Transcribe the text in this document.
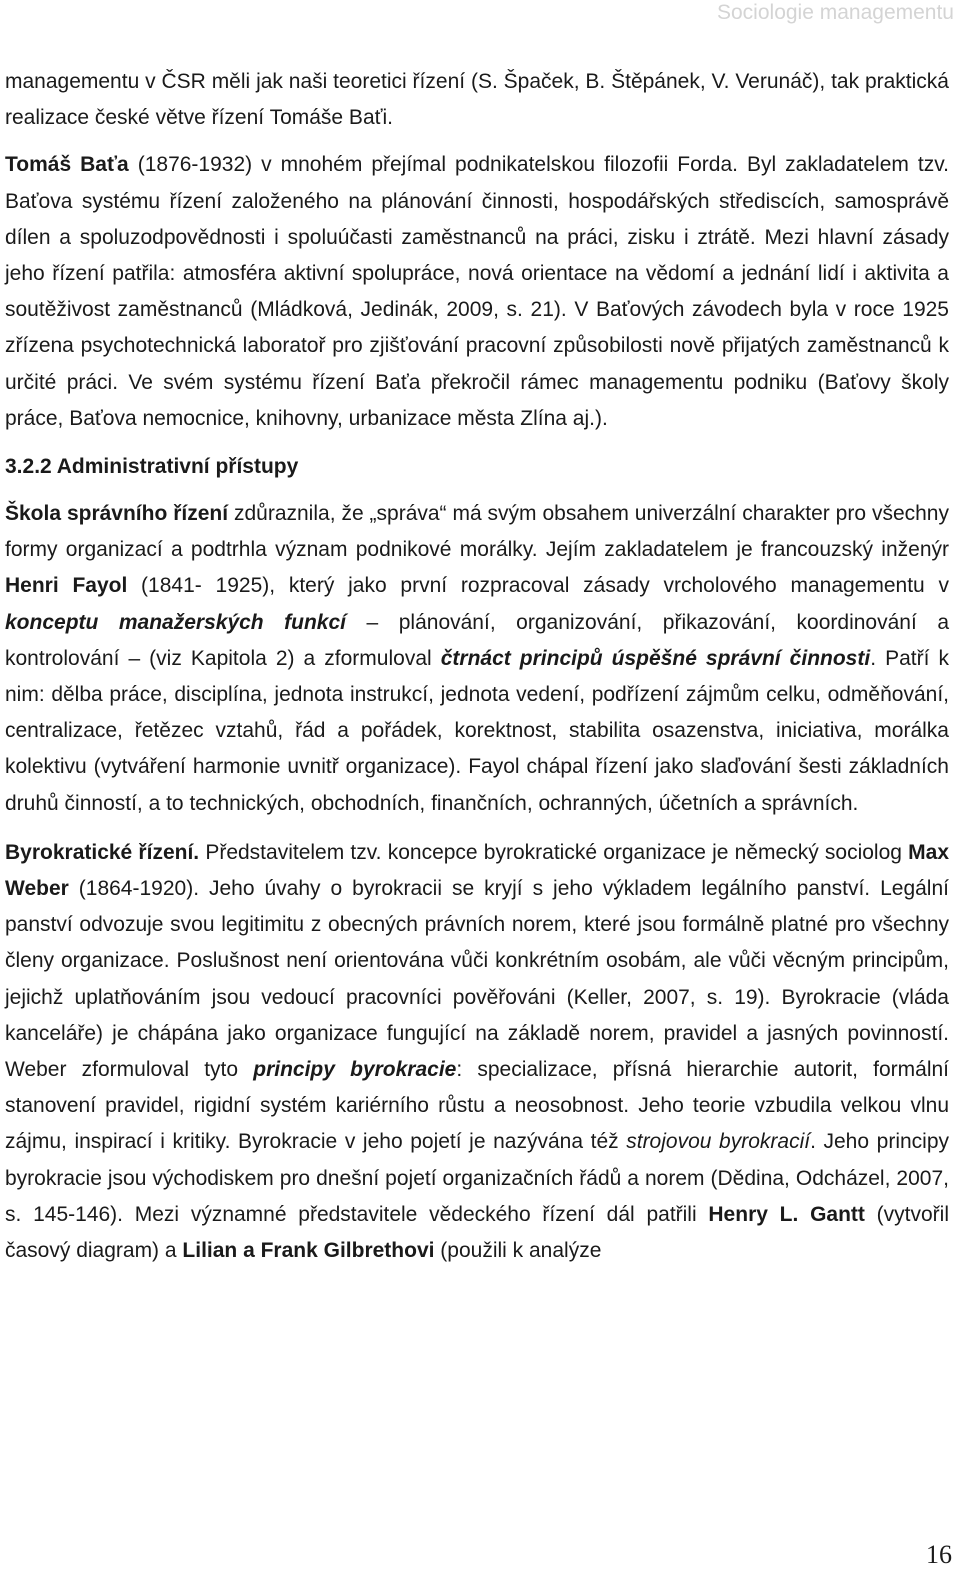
Sociologie managementu

managementu v ČSR měli jak naši teoretici řízení (S. Špaček, B. Štěpánek, V. Verunáč), tak praktická realizace české větve řízení Tomáše Baťi.

Tomáš Baťa (1876-1932) v mnohém přejímal podnikatelskou filozofii Forda. Byl zakladatelem tzv. Baťova systému řízení založeného na plánování činnosti, hospodářských střediscích, samosprávě dílen a spoluzodpovědnosti i spoluúčasti zaměstnanců na práci, zisku i ztrátě. Mezi hlavní zásady jeho řízení patřila: atmosféra aktivní spolupráce, nová orientace na vědomí a jednání lidí i aktivita a soutěživost zaměstnanců (Mládková, Jedinák, 2009, s. 21). V Baťových závodech byla v roce 1925 zřízena psychotechnická laboratoř pro zjišťování pracovní způsobilosti nově přijatých zaměstnanců k určité práci. Ve svém systému řízení Baťa překročil rámec managementu podniku (Baťovy školy práce, Baťova nemocnice, knihovny, urbanizace města Zlína aj.).

3.2.2 Administrativní přístupy

Škola správního řízení zdůraznila, že „správa“ má svým obsahem univerzální charakter pro všechny formy organizací a podtrhla význam podnikové morálky. Jejím zakladatelem je francouzský inženýr Henri Fayol (1841- 1925), který jako první rozpracoval zásady vrcholového managementu v konceptu manažerských funkcí – plánování, organizování, přikazování, koordinování a kontrolování – (viz Kapitola 2) a zformuloval čtrnáct principů úspěšné správní činnosti. Patří k nim: dělba práce, disciplína, jednota instrukcí, jednota vedení, podřízení zájmům celku, odměňování, centralizace, řetězec vztahů, řád a pořádek, korektnost, stabilita osazenstva, iniciativa, morálka kolektivu (vytváření harmonie uvnitř organizace). Fayol chápal řízení jako slaďování šesti základních druhů činností, a to technických, obchodních, finančních, ochranných, účetních a správních.

Byrokratické řízení. Představitelem tzv. koncepce byrokratické organizace je německý sociolog Max Weber (1864-1920). Jeho úvahy o byrokracii se kryjí s jeho výkladem legálního panství. Legální panství odvozuje svou legitimitu z obecných právních norem, které jsou formálně platné pro všechny členy organizace. Poslušnost není orientována vůči konkrétním osobám, ale vůči věcným principům, jejichž uplatňováním jsou vedoucí pracovníci pověřováni (Keller, 2007, s. 19). Byrokracie (vláda kanceláře) je chápána jako organizace fungující na základě norem, pravidel a jasných povinností. Weber zformuloval tyto principy byrokracie: specializace, přísná hierarchie autorit, formální stanovení pravidel, rigidní systém kariérního růstu a neosobnost. Jeho teorie vzbudila velkou vlnu zájmu, inspirací i kritiky. Byrokracie v jeho pojetí je nazývána též strojovou byrokracií. Jeho principy byrokracie jsou východiskem pro dnešní pojetí organizačních řádů a norem (Dědina, Odcházel, 2007, s. 145-146). Mezi významné představitele vědeckého řízení dál patřili Henry L. Gantt (vytvořil časový diagram) a Lilian a Frank Gilbrethovi (použili k analýze

16
